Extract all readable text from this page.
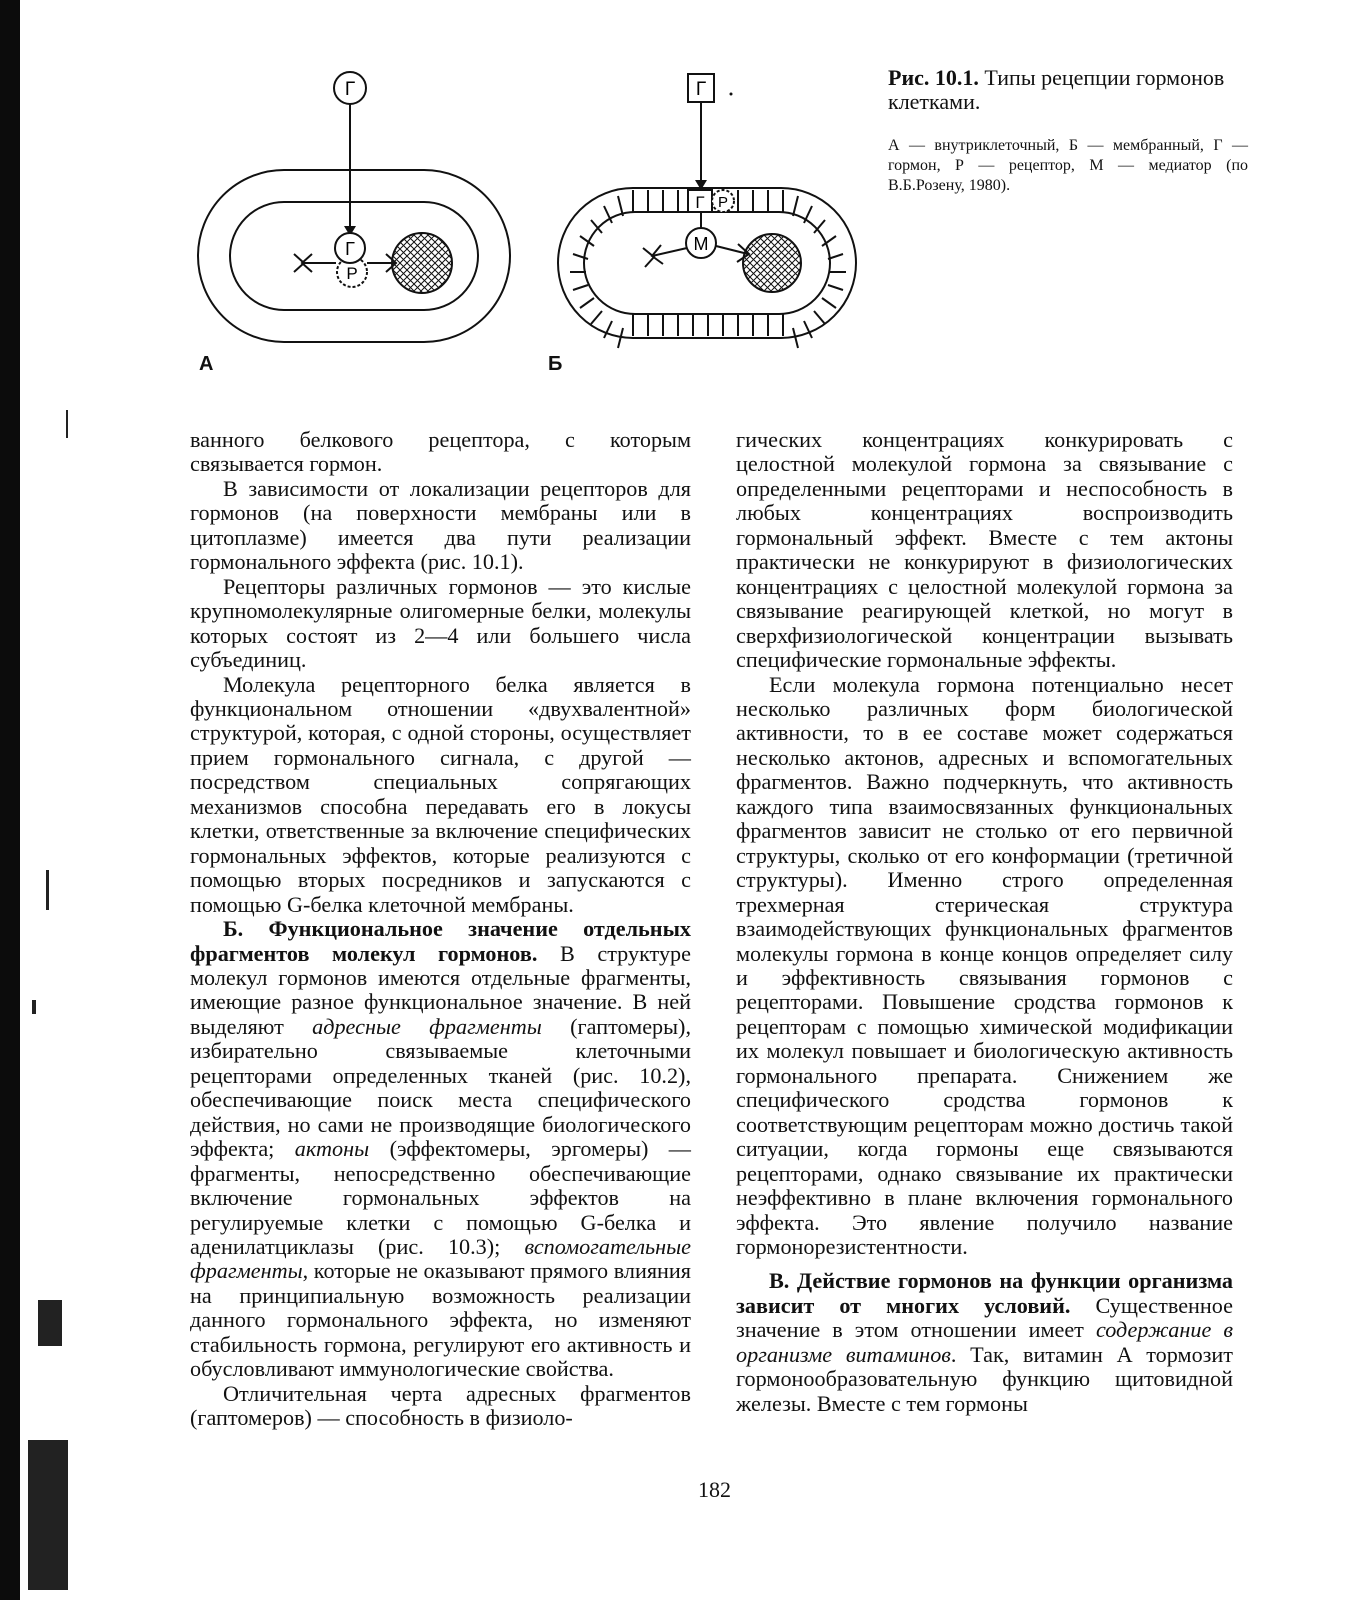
Г
Р
Г
Г
Г Р
М
А	Б

Рис. 10.1. Типы рецепции гормонов клетками.

А — внутриклеточный, Б — мембранный, Г — гормон, Р — рецептор, М — медиатор (по В.Б.Розену, 1980).

ванного белкового рецептора, с которым связывается гормон.

В зависимости от локализации рецепторов для гормонов (на поверхности мембраны или в цитоплазме) имеется два пути реализации гормонального эффекта (рис. 10.1).

Рецепторы различных гормонов — это кислые крупномолекулярные олигомерные белки, молекулы которых состоят из 2—4 или большего числа субъединиц.

Молекула рецепторного белка является в функциональном отношении «двухвалентной» структурой, которая, с одной стороны, осуществляет прием гормонального сигнала, с другой — посредством специальных сопрягающих механизмов способна передавать его в локусы клетки, ответственные за включение специфических гормональных эффектов, которые реализуются с помощью вторых посредников и запускаются с помощью G-белка клеточной мембраны.

Б. Функциональное значение отдельных фрагментов молекул гормонов. В структуре молекул гормонов имеются отдельные фрагменты, имеющие разное функциональное значение. В ней выделяют адресные фрагменты (гаптомеры), избирательно связываемые клеточными рецепторами определенных тканей (рис. 10.2), обеспечивающие поиск места специфического действия, но сами не производящие биологического эффекта; актоны (эффектомеры, эргомеры) — фрагменты, непосредственно обеспечивающие включение гормональных эффектов на регулируемые клетки с помощью G-белка и аденилатциклазы (рис. 10.3); вспомогательные фрагменты, которые не оказывают прямого влияния на принципиальную возможность реализации данного гормонального эффекта, но изменяют стабильность гормона, регулируют его активность и обусловливают иммунологические свойства.

Отличительная черта адресных фрагментов (гаптомеров) — способность в физиоло-

гических концентрациях конкурировать с целостной молекулой гормона за связывание с определенными рецепторами и неспособность в любых концентрациях воспроизводить гормональный эффект. Вместе с тем актоны практически не конкурируют в физиологических концентрациях с целостной молекулой гормона за связывание реагирующей клеткой, но могут в сверхфизиологической концентрации вызывать специфические гормональные эффекты.

Если молекула гормона потенциально несет несколько различных форм биологической активности, то в ее составе может содержаться несколько актонов, адресных и вспомогательных фрагментов. Важно подчеркнуть, что активность каждого типа взаимосвязанных функциональных фрагментов зависит не столько от его первичной структуры, сколько от его конформации (третичной структуры). Именно строго определенная трехмерная стерическая структура взаимодействующих функциональных фрагментов молекулы гормона в конце концов определяет силу и эффективность связывания гормонов с рецепторами. Повышение сродства гормонов к рецепторам с помощью химической модификации их молекул повышает и биологическую активность гормонального препарата. Снижением же специфического сродства гормонов к соответствующим рецепторам можно достичь такой ситуации, когда гормоны еще связываются рецепторами, однако связывание их практически неэффективно в плане включения гормонального эффекта. Это явление получило название гормонорезистентности.

В. Действие гормонов на функции организма зависит от многих условий. Существенное значение в этом отношении имеет содержание в организме витаминов. Так, витамин А тормозит гормонообразовательную функцию щитовидной железы. Вместе с тем гормоны

182
